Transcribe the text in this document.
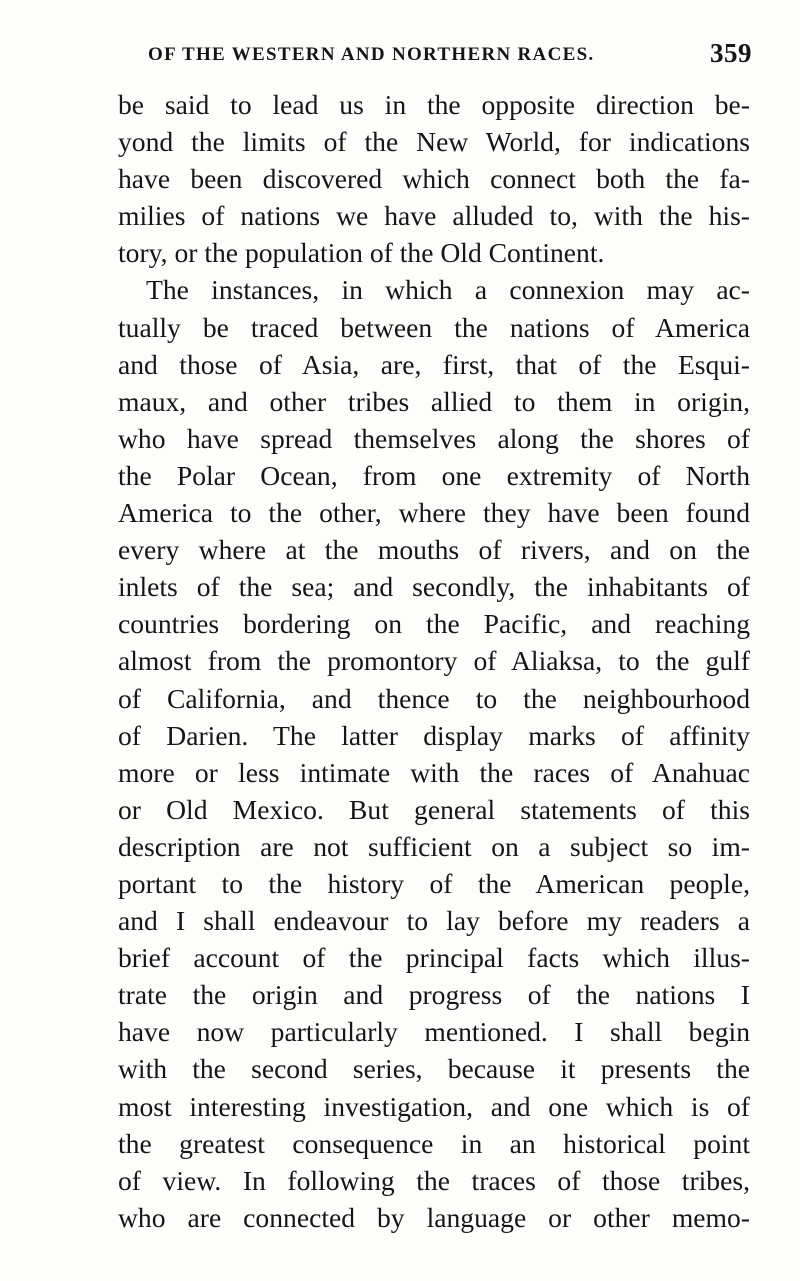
OF THE WESTERN AND NORTHERN RACES.	359
be said to lead us in the opposite direction be-
yond the limits of the New World, for indications
have been discovered which connect both the fa-
milies of nations we have alluded to, with the his-
tory, or the population of the Old Continent.
The instances, in which a connexion may ac-
tually be traced between the nations of America
and those of Asia, are, first, that of the Esqui-
maux, and other tribes allied to them in origin,
who have spread themselves along the shores of
the Polar Ocean, from one extremity of North
America to the other, where they have been found
every where at the mouths of rivers, and on the
inlets of the sea; and secondly, the inhabitants of
countries bordering on the Pacific, and reaching
almost from the promontory of Aliaksa, to the gulf
of California, and thence to the neighbourhood
of Darien. The latter display marks of affinity
more or less intimate with the races of Anahuac
or Old Mexico. But general statements of this
description are not sufficient on a subject so im-
portant to the history of the American people,
and I shall endeavour to lay before my readers a
brief account of the principal facts which illus-
trate the origin and progress of the nations I
have now particularly mentioned. I shall begin
with the second series, because it presents the
most interesting investigation, and one which is of
the greatest consequence in an historical point
of view. In following the traces of those tribes,
who are connected by language or other memo-
